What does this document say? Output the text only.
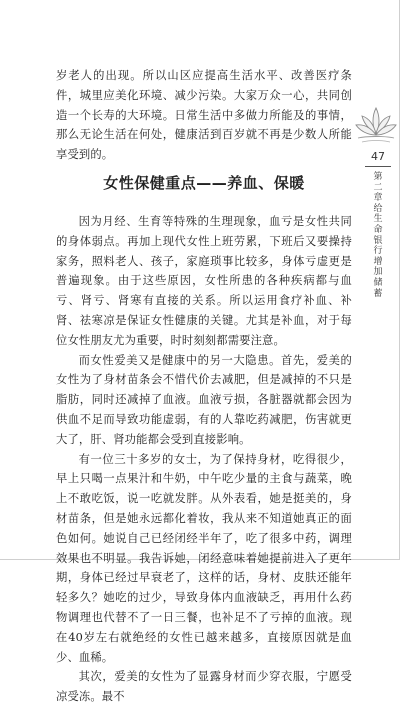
岁老人的出现。所以山区应提高生活水平、改善医疗条件，城里应美化环境、减少污染。大家万众一心，共同创造一个长寿的大环境。日常生活中多做力所能及的事情，那么无论生活在何处，健康活到百岁就不再是少数人所能享受到的。

女性保健重点——养血、保暖

因为月经、生育等特殊的生理现象，血亏是女性共同的身体弱点。再加上现代女性上班劳累，下班后又要操持家务，照料老人、孩子，家庭琐事比较多，身体亏虚更是普遍现象。由于这些原因，女性所患的各种疾病都与血亏、肾亏、肾寒有直接的关系。所以运用食疗补血、补肾、祛寒凉是保证女性健康的关键。尤其是补血，对于每位女性朋友尤为重要，时时刻刻都需要注意。

而女性爱美又是健康中的另一大隐患。首先，爱美的女性为了身材苗条会不惜代价去减肥，但是减掉的不只是脂肪，同时还减掉了血液。血液亏损，各脏器就都会因为供血不足而导致功能虚弱，有的人靠吃药减肥，伤害就更大了，肝、肾功能都会受到直接影响。

有一位三十多岁的女士，为了保持身材，吃得很少，早上只喝一点果汁和牛奶，中午吃少量的主食与蔬菜，晚上不敢吃饭，说一吃就发胖。从外表看，她是挺美的，身材苗条，但是她永远都化着妆，我从来不知道她真正的面色如何。她说自己已经闭经半年了，吃了很多中药，调理效果也不明显。我告诉她，闭经意味着她提前进入了更年期，身体已经过早衰老了，这样的话，身材、皮肤还能年轻多久？她吃的过少，导致身体内血液缺乏，再用什么药物调理也代替不了一日三餐，也补足不了亏掉的血液。现在40岁左右就绝经的女性已越来越多，直接原因就是血少、血稀。

其次，爱美的女性为了显露身材而少穿衣服，宁愿受凉受冻。最不

47
第二章 给生命银行增加储蓄
